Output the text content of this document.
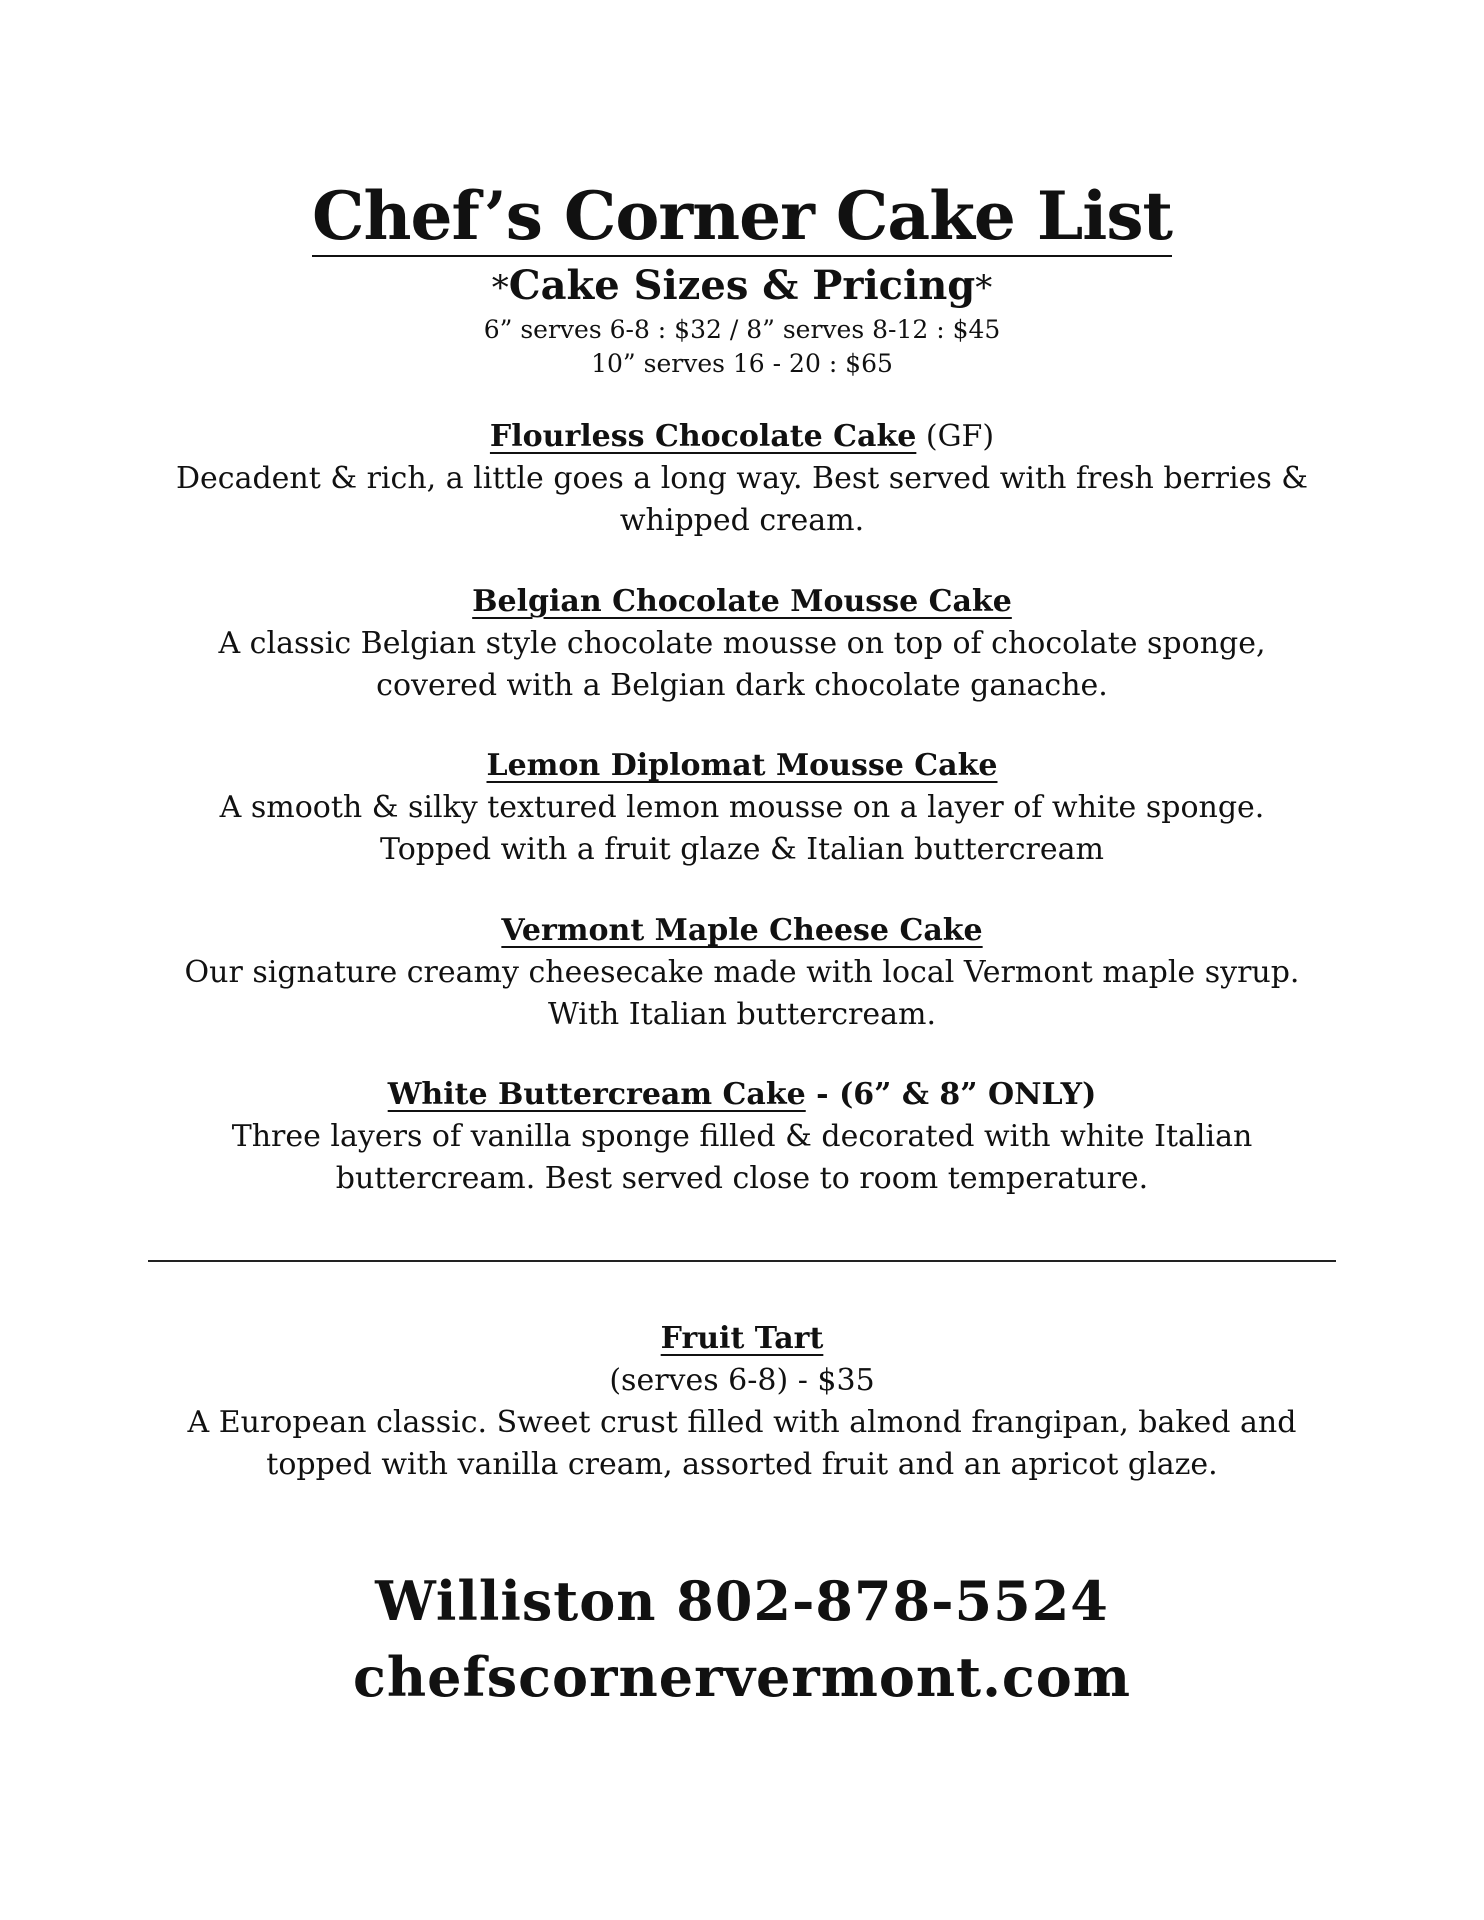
Chef’s Corner Cake List
*Cake Sizes & Pricing*
6” serves 6-8 : $32 / 8” serves 8-12 : $45
10” serves 16 - 20 : $65
Flourless Chocolate Cake (GF)
Decadent & rich, a little goes a long way. Best served with fresh berries &
whipped cream.
Belgian Chocolate Mousse Cake
A classic Belgian style chocolate mousse on top of chocolate sponge,
covered with a Belgian dark chocolate ganache.
Lemon Diplomat Mousse Cake
A smooth & silky textured lemon mousse on a layer of white sponge.
Topped with a fruit glaze & Italian buttercream
Vermont Maple Cheese Cake
Our signature creamy cheesecake made with local Vermont maple syrup.
With Italian buttercream.
White Buttercream Cake - (6” & 8” ONLY)
Three layers of vanilla sponge filled & decorated with white Italian
buttercream. Best served close to room temperature.
Fruit Tart
(serves 6-8) - $35
A European classic. Sweet crust filled with almond frangipan, baked and
topped with vanilla cream, assorted fruit and an apricot glaze.
Williston 802-878-5524
chefscornervermont.com
